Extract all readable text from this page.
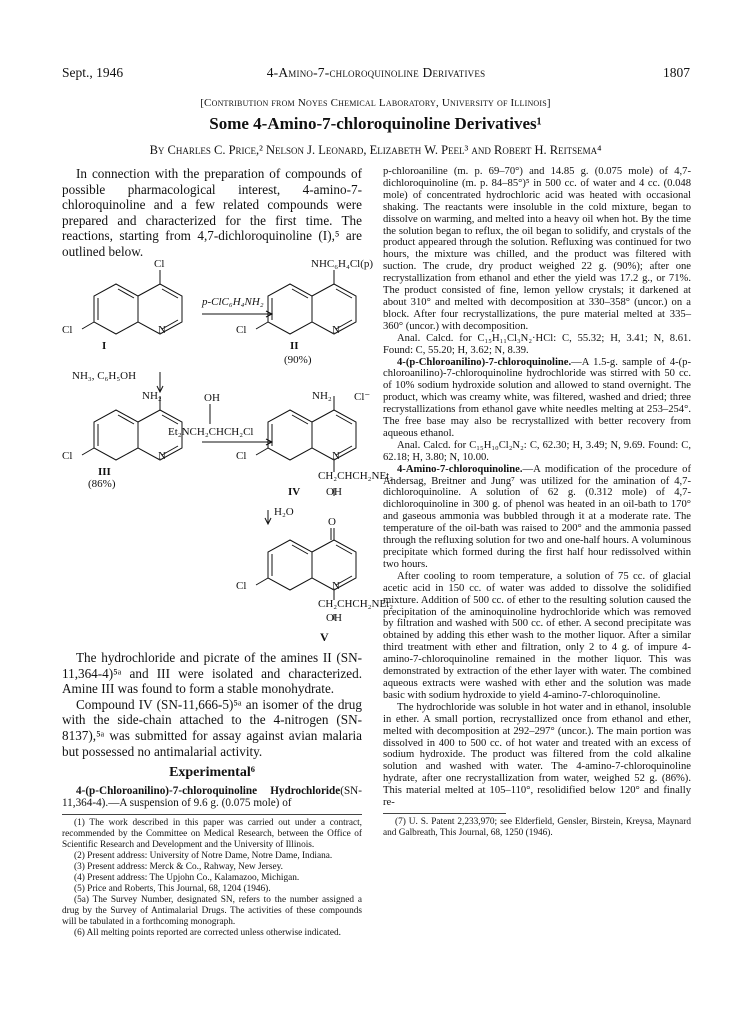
Sept., 1946	4-Amino-7-chloroquinoline Derivatives	1807
[Contribution from Noyes Chemical Laboratory, University of Illinois]
Some 4-Amino-7-chloroquinoline Derivatives¹
By Charles C. Price,² Nelson J. Leonard, Elizabeth W. Peel³ and Robert H. Reitsema⁴

In connection with the preparation of compounds of possible pharmacological interest, 4-amino-7-chloroquinoline and a few related compounds were prepared and characterized for the first time. The reactions, starting from 4,7-dichloroquinoline (I),⁵ are outlined below.

Cl	NHC₆H₄Cl(p)
p-ClC₆H₄NH₂
Cl	N
I
Cl	N
II
(90%)
NH₃, C₆H₅OH
NH₂	OH
Et₂NCH₂CHCH₂Cl
NH₂ Cl⁻
Cl	N
III
(86%)
Cl	N
CH₂CHCH₂NEt₂
IV OH
H₂O
O
Cl	N
CH₂CHCH₂NEt₂
OH
V

The hydrochloride and picrate of the amines II (SN-11,364-4)⁵ᵃ and III were isolated and characterized. Amine III was found to form a stable monohydrate.

Compound IV (SN-11,666-5)⁵ᵃ an isomer of the drug with the side-chain attached to the 4-nitrogen (SN-8137),⁵ᵃ was submitted for assay against avian malaria but possessed no antimalarial activity.

Experimental⁶

4-(p-Chloroanilino)-7-chloroquinoline Hydrochloride(SN-11,364-4).—A suspension of 9.6 g. (0.075 mole) of

(1) The work described in this paper was carried out under a contract, recommended by the Committee on Medical Research, between the Office of Scientific Research and Development and the University of Illinois.

(2) Present address: University of Notre Dame, Notre Dame, Indiana.

(3) Present address: Merck & Co., Rahway, New Jersey.

(4) Present address: The Upjohn Co., Kalamazoo, Michigan.

(5) Price and Roberts, This Journal, 68, 1204 (1946).

(5a) The Survey Number, designated SN, refers to the number assigned a drug by the Survey of Antimalarial Drugs. The activities of these compounds will be tabulated in a forthcoming monograph.

(6) All melting points reported are corrected unless otherwise indicated.

p-chloroaniline (m. p. 69–70°) and 14.85 g. (0.075 mole) of 4,7-dichloroquinoline (m. p. 84–85°)⁵ in 500 cc. of water and 4 cc. (0.048 mole) of concentrated hydrochloric acid was heated with occasional shaking. The reactants were insoluble in the cold mixture, began to dissolve on warming, and melted into a heavy oil when hot. By the time the solution began to reflux, the oil began to solidify, and crystals of the product appeared through the solution. Refluxing was continued for two hours, the mixture was chilled, and the product was filtered with suction. The crude, dry product weighed 22 g. (90%); after one recrystallization from ethanol and ether the yield was 17.2 g., or 71%. The product consisted of fine, lemon yellow crystals; it darkened at about 310° and melted with decomposition at 330–358° (uncor.) on a block. After four recrystallizations, the pure material melted at 335–360° (uncor.) with decomposition.

Anal. Calcd. for C₁₅H₁₁Cl₃N₂·HCl: C, 55.32; H, 3.41; N, 8.61. Found: C, 55.20; H, 3.62; N, 8.39.

4-(p-Chloroanilino)-7-chloroquinoline.—A 1.5-g. sample of 4-(p-chloroanilino)-7-chloroquinoline hydrochloride was stirred with 50 cc. of 10% sodium hydroxide solution and allowed to stand overnight. The product, which was creamy white, was filtered, washed and dried; three recrystallizations from ethanol gave white needles melting at 253–254°. The free base may also be recrystallized with better recovery from aqueous ethanol.

Anal. Calcd. for C₁₅H₁₀Cl₂N₂: C, 62.30; H, 3.49; N, 9.69. Found: C, 62.18; H, 3.80; N, 10.00.

4-Amino-7-chloroquinoline.—A modification of the procedure of Andersag, Breitner and Jung⁷ was utilized for the amination of 4,7-dichloroquinoline. A solution of 62 g. (0.312 mole) of 4,7-dichloroquinoline in 300 g. of phenol was heated in an oil-bath to 170° and gaseous ammonia was bubbled through it at a moderate rate. The temperature of the oil-bath was raised to 200° and the ammonia passed through the refluxing solution for two and one-half hours. A voluminous precipitate which formed during the first half hour redissolved within two hours.

After cooling to room temperature, a solution of 75 cc. of glacial acetic acid in 150 cc. of water was added to dissolve the solidified mixture. Addition of 500 cc. of ether to the resulting solution caused the precipitation of the aminoquinoline hydrochloride which was removed by filtration and washed with 500 cc. of ether. A second precipitate was obtained by adding this ether wash to the mother liquor. After a similar third treatment with ether and filtration, only 2 to 4 g. of impure 4-amino-7-chloroquinoline remained in the mother liquor. This was demonstrated by extraction of the ether layer with water. The combined aqueous extracts were washed with ether and the solution was made basic with sodium hydroxide to yield 4-amino-7-chloroquinoline.

The hydrochloride was soluble in hot water and in ethanol, insoluble in ether. A small portion, recrystallized once from ethanol and ether, melted with decomposition at 292–297° (uncor.). The main portion was dissolved in 400 to 500 cc. of hot water and treated with an excess of sodium hydroxide. The product was filtered from the cold alkaline solution and washed with water. The 4-amino-7-chloroquinoline hydrate, after one recrystallization from water, weighed 52 g. (86%). This material melted at 105–110°, resolidified below 120° and finally re-

(7) U. S. Patent 2,233,970; see Elderfield, Gensler, Birstein, Kreysa, Maynard and Galbreath, This Journal, 68, 1250 (1946).
